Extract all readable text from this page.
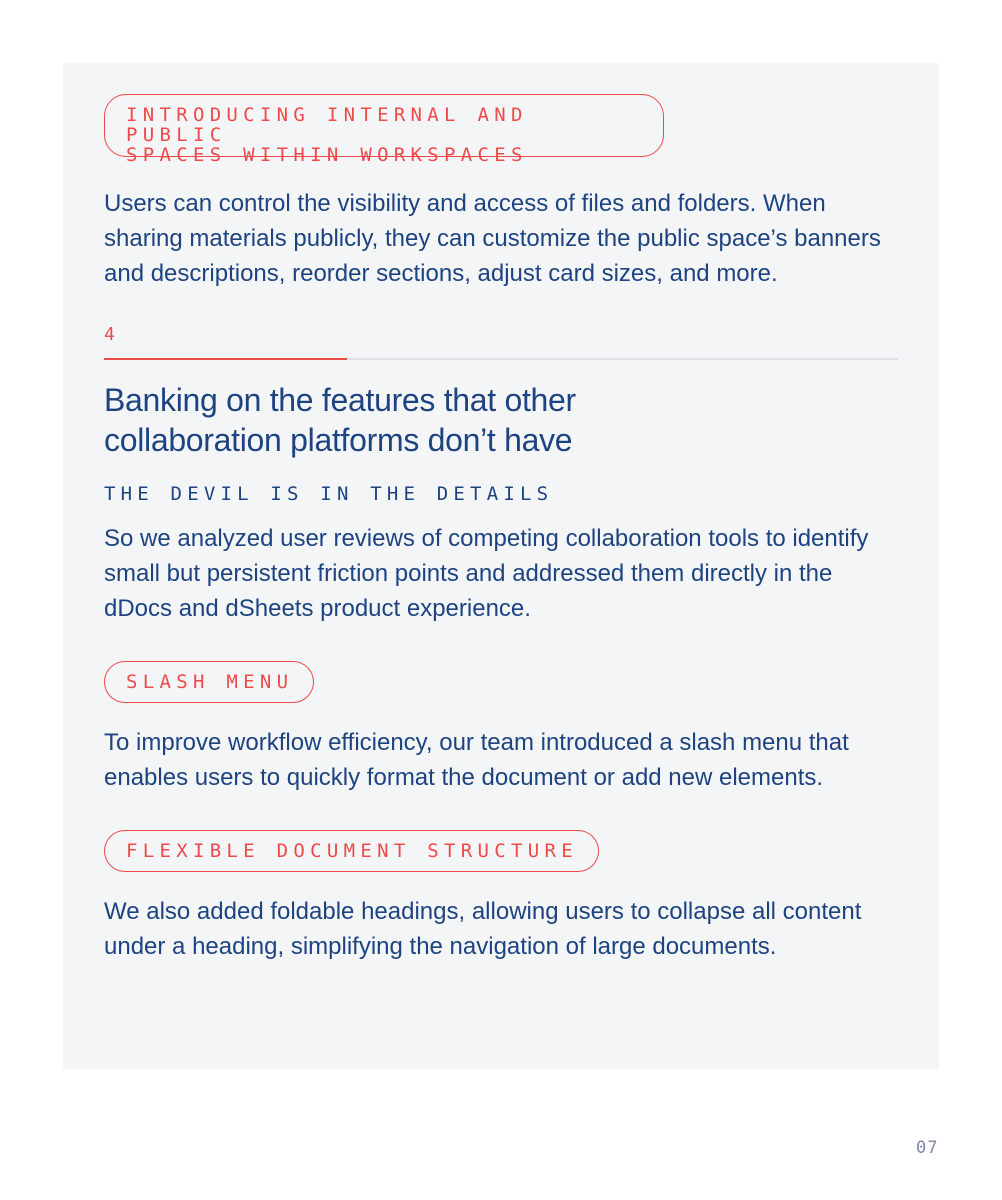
INTRODUCING INTERNAL AND PUBLIC
SPACES WITHIN WORKSPACES

Users can control the visibility and access of files and folders. When sharing materials publicly, they can customize the public space’s banners and descriptions, reorder sections, adjust card sizes, and more.

4
Banking on the features that other collaboration platforms don’t have
THE DEVIL IS IN THE DETAILS

So we analyzed user reviews of competing collaboration tools to identify small but persistent friction points and addressed them directly in the dDocs and dSheets product experience.

SLASH MENU

To improve workflow efficiency, our team introduced a slash menu that enables users to quickly format the document or add new elements.

FLEXIBLE DOCUMENT STRUCTURE

We also added foldable headings, allowing users to collapse all content under a heading, simplifying the navigation of large documents.

07
